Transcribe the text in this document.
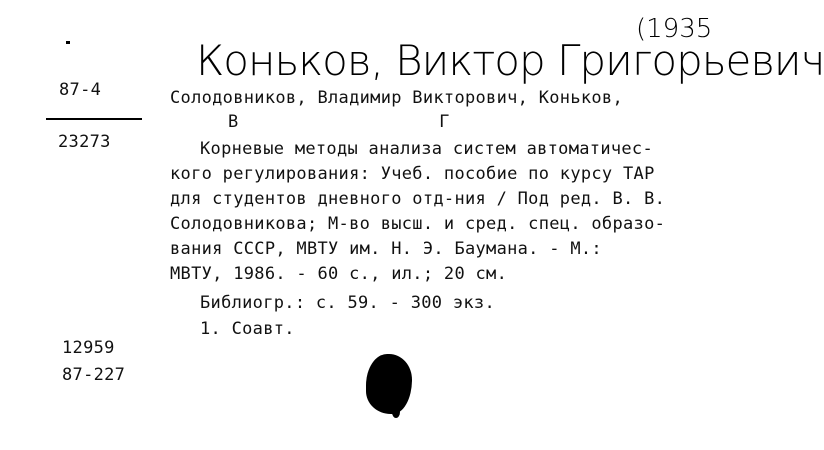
Коньков, Виктор Григорьевич
(1935
87-4
23273
Солодовников, Владимир Викторович, Коньков,
В Г
Корневые методы анализа систем автоматичес-
кого регулирования: Учеб. пособие по курсу ТАР
для студентов дневного отд-ния / Под ред. В. В.
Солодовникова; М-во высш. и сред. спец. образо-
вания СССР, МВТУ им. Н. Э. Баумана. - М.:
МВТУ, 1986. - 60 с., ил.; 20 см.
Библиогр.: с. 59. - 300 экз.
1. Соавт.
12959
87-227
